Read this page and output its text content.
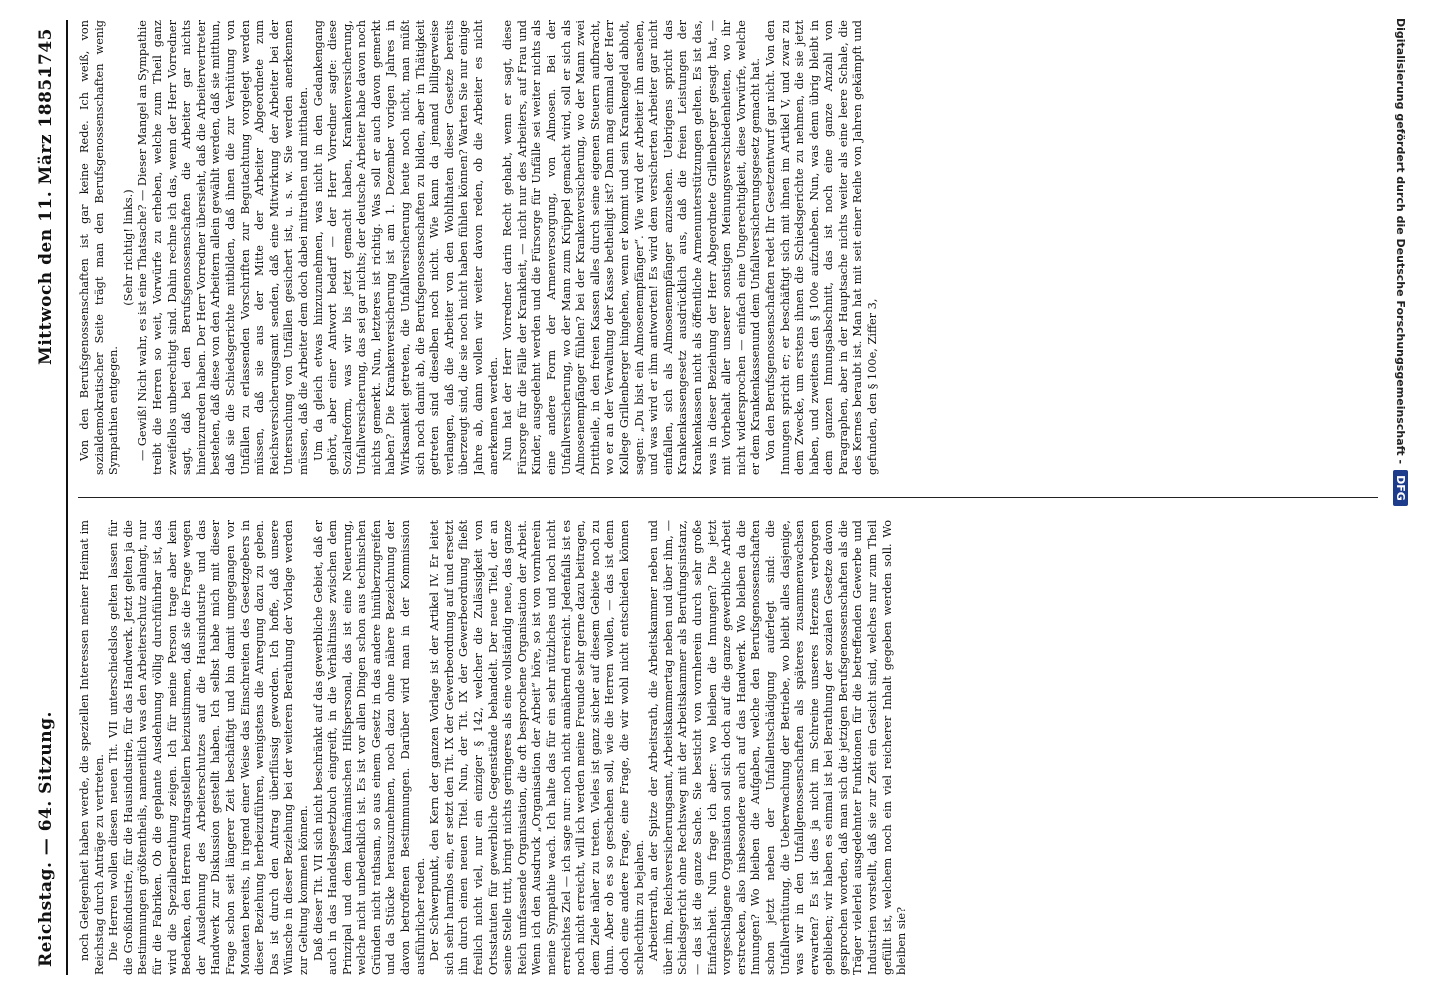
Reichstag. — 64. Sitzung.
Mittwoch den 11. März 1885.
1745

noch Gelegenheit haben werde, die speziellen Interessen meiner Heimat im Reichstag durch Anträge zu vertreten. Die Herren wollen diesen neuen Tit. VII unterschiedslos gelten lassen für die Großindustrie, für die Hausindustrie, für das Handwerk. Jetzt gelten ja die Bestimmungen größtentheils, namentlich was den Arbeiterschutz anlangt, nur für die Fabriken. Ob die geplante Ausdehnung völlig durchführbar ist, das wird die Spezialberathung zeigen. Ich für meine Person trage aber kein Bedenken, den Herren Antragstellern beizustimmen, daß sie die Frage wegen der Ausdehnung des Arbeiterschutzes auf die Hausindustrie und das Handwerk zur Diskussion gestellt haben. Ich selbst habe mich mit dieser Frage schon seit längerer Zeit beschäftigt und bin damit umgegangen vor Monaten bereits, in irgend einer Weise das Einschreiten des Gesetzgebers in dieser Beziehung herbeizuführen, wenigstens die Anregung dazu zu geben. Das ist durch den Antrag überflüssig geworden. Ich hoffe, daß unsere Wünsche in dieser Beziehung bei der weiteren Berathung der Vorlage werden zur Geltung kommen können. Daß dieser Tit. VII sich nicht beschränkt auf das gewerbliche Gebiet, daß er auch in das Handelsgesetzbuch eingreift, in die Verhältnisse zwischen dem Prinzipal und dem kaufmännischen Hilfspersonal, das ist eine Neuerung, welche nicht unbedenklich ist. Es ist vor allen Dingen schon aus technischen Gründen nicht rathsam, so aus einem Gesetz in das andere hinüberzugreifen und da Stücke herauszunehmen, noch dazu ohne nähere Bezeichnung der davon betroffenen Bestimmungen. Darüber wird man in der Kommission ausführlicher reden. Der Schwerpunkt, den Kern der ganzen Vorlage ist der Artikel IV. Er leitet sich sehr harmlos ein, er setzt den Tit. IX der Gewerbeordnung auf und ersetzt ihn durch einen neuen Titel. Nun, der Tit. IX der Gewerbeordnung fließt freilich nicht viel, nur ein einziger § 142, welcher die Zulässigkeit von Ortsstatuten für gewerbliche Gegenstände behandelt. Der neue Titel, der an seine Stelle tritt, bringt nichts geringeres als eine vollständig neue, das ganze Reich umfassende Organisation, die oft besprochene Organisation der Arbeit. Wenn ich den Ausdruck „Organisation der Arbeit“ höre, so ist von vornherein meine Sympathie wach. Ich halte das für ein sehr nützliches und noch nicht erreichtes Ziel — ich sage nur: noch nicht annähernd erreicht. Jedenfalls ist es noch nicht erreicht, will ich werden meine Freunde sehr gerne dazu beitragen, dem Ziele näher zu treten. Vieles ist ganz sicher auf diesem Gebiete noch zu thun. Aber ob es so geschehen soll, wie die Herren wollen, — das ist denn doch eine andere Frage, eine Frage, die wir wohl nicht entschieden können schlechthin zu bejahen. Arbeiterrath, an der Spitze der Arbeitsrath, die Arbeitskammer neben und über ihm, Reichsversicherungsamt, Arbeitskammertag neben und über ihm, — Schiedsgericht ohne Rechtsweg mit der Arbeitskammer als Berufungsinstanz, — das ist die ganze Sache. Sie besticht von vornherein durch sehr große Einfachheit. Nun frage ich aber: wo bleiben die Innungen? Die jetzt vorgeschlagene Organisation soll sich doch auf die ganze gewerbliche Arbeit erstrecken, also insbesondere auch auf das Handwerk. Wo bleiben da die Innungen? Wo bleiben die Aufgaben, welche den Berufsgenossenschaften schon jetzt neben der Unfallentschädigung auferlegt sind: die Unfallverhütung, die Ueberwachung der Betriebe, wo bleibt alles dasjenige, was wir in den Unfallgenossenschaften als späteres zusammenwachsen erwarten? Es ist dies ja nicht im Schreine unseres Herzens verborgen geblieben; wir haben es einmal ist bei Berathung der sozialen Gesetze davon gesprochen worden, daß man sich die jetzigen Berufsgenossenschaften als die Träger vielerlei ausgedehnter Funktionen für die betreffenden Gewerbe und Industrien vorstellt, daß sie zur Zeit ein Gesicht sind, welches nur zum Theil gefüllt ist, welchem noch ein viel reicherer Inhalt gegeben werden soll. Wo bleiben sie?

Von den Berufsgenossenschaften ist gar keine Rede. Ich weiß, von sozialdemokratischer Seite trägt man den Berufsgenossenschaften wenig Sympathien entgegen.

(Sehr richtig! links.) — Gewiß! Nicht wahr, es ist eine Thatsache? — Dieser Mangel an Sympathie treibt die Herren so weit, Vorwürfe zu erheben, welche zum Theil ganz zweifellos unberechtigt sind. Dahin rechne ich das, wenn der Herr Vorredner sagt, daß bei den Berufsgenossenschaften die Arbeiter gar nichts hineinzureden haben. Der Herr Vorredner übersieht, daß die Arbeitervertreter bestehen, daß diese von den Arbeitern allein gewählt werden, daß sie mitthun, daß sie die Schiedsgerichte mitbilden, daß ihnen die zur Verhütung von Unfällen zu erlassenden Vorschriften zur Begutachtung vorgelegt werden müssen, daß sie aus der Mitte der Arbeiter Abgeordnete zum Reichsversicherungsamt senden, daß eine Mitwirkung der Arbeiter bei der Untersuchung von Unfällen gesichert ist, u. s. w. Sie werden anerkennen müssen, daß die Arbeiter dem doch dabei mitrathen und mitthaten. Um da gleich etwas hinzuzunehmen, was nicht in den Gedankengang gehört, aber einer Antwort bedarf — der Herr Vorredner sagte: diese Sozialreform, was wir bis jetzt gemacht haben, Krankenversicherung, Unfallversicherung, das sei gar nichts; der deutsche Arbeiter habe davon noch nichts gemerkt. Nun, letzteres ist richtig. Was soll er auch davon gemerkt haben? Die Krankenversicherung ist am 1. Dezember vorigen Jahres in Wirksamkeit getreten, die Unfallversicherung heute noch nicht, man müßt sich noch damit ab, die Berufsgenossenschaften zu bilden, aber in Thätigkeit getreten sind dieselben noch nicht. Wie kann da jemand billigerweise verlangen, daß die Arbeiter von den Wohlthaten dieser Gesetze bereits überzeugt sind, die sie noch nicht haben fühlen können? Warten Sie nur einige Jahre ab, dann wollen wir weiter davon reden, ob die Arbeiter es nicht anerkennen werden. Nun hat der Herr Vorredner darin Recht gehabt, wenn er sagt, diese Fürsorge für die Fälle der Krankheit, — nicht nur des Arbeiters, auf Frau und Kinder, ausgedehnt werden und die Fürsorge für Unfälle sei weiter nichts als eine andere Form der Armenversorgung, von Almosen. Bei der Unfallversicherung, wo der Mann zum Krüppel gemacht wird, soll er sich als Almosenempfänger fühlen? bei der Krankenversicherung, wo der Mann zwei Drittheile, in den freien Kassen alles durch seine eigenen Steuern aufbracht, wo er an der Verwaltung der Kasse betheiligt ist? Dann mag einmal der Herr Kollege Grillenberger hingehen, wenn er kommt und sein Krankengeld abholt, sagen: „Du bist ein Almosenempfänger“. Wie wird der Arbeiter ihn ansehen, und was wird er ihm antworten! Es wird dem versicherten Arbeiter gar nicht einfallen, sich als Almosenempfänger anzusehen. Uebrigens spricht das Krankenkassengesetz ausdrücklich aus, daß die freien Leistungen der Krankenkassen nicht als öffentliche Armenunterstützungen gelten. Es ist das, was in dieser Beziehung der Herr Abgeordnete Grillenberger gesagt hat, — mit Vorbehalt aller unserer sonstigen Meinungsverschiedenheiten, wo ihr nicht widersprochen — einfach eine Ungerechtigkeit, diese Vorwürfe, welche er dem Krankenkassenund dem Unfallversicherungsgesetz gemacht hat. Von den Berufsgenossenschaften redet Ihr Gesetzentwurf gar nicht. Von den Innungen spricht er; er beschäftigt sich mit ihnen im Artikel V, und zwar zu dem Zwecke, um erstens ihnen die Schiedsgerichte zu nehmen, die sie jetzt haben, und zweitens den § 100e aufzuheben. Nun, was denn übrig bleibt in dem ganzen Innungsabschnitt, das ist noch eine ganze Anzahl von Paragraphen, aber in der Hauptsache nichts weiter als eine leere Schale, die des Kernes beraubt ist. Man hat mit seit einer Reihe von Jahren gekämpft und gefunden, den § 100e, Ziffer 3,	Digitalisierung gefördert durch die Deutsche Forschungsgemeinschaft -
DFG
